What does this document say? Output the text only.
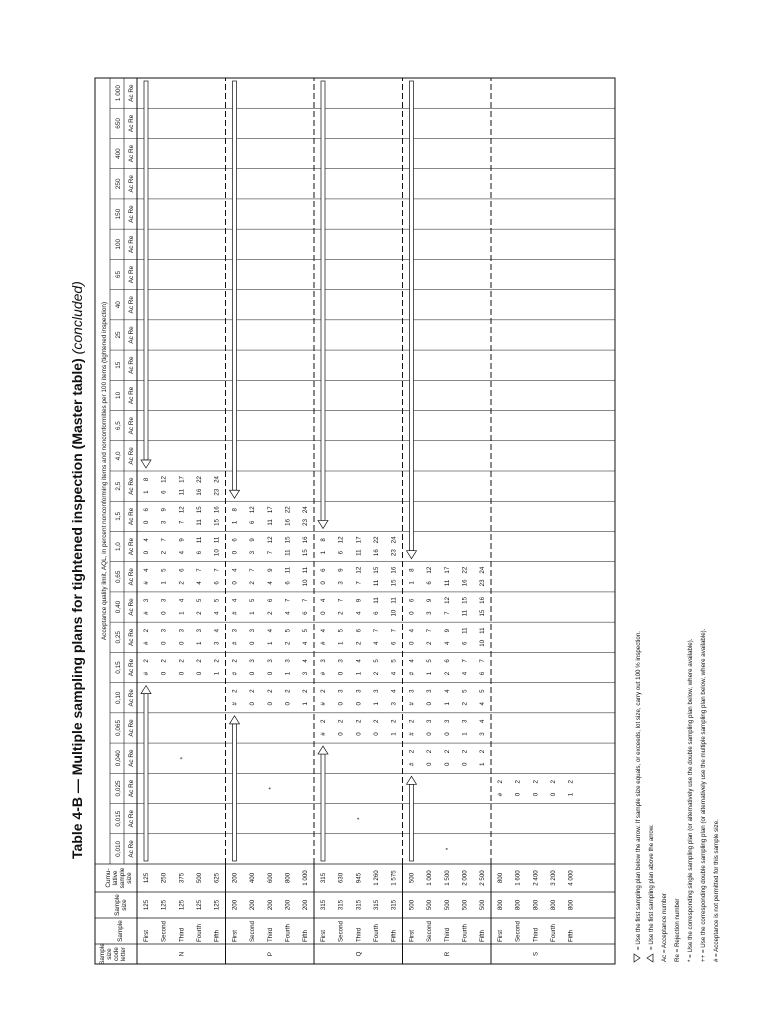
Table 4-B — Multiple sampling plans for tightened inspection (Master table)(concluded)
Sample size code letter
Sample
Sample size
Cumu- lative sample size
Acceptance quality limit, AQL, in percent nonconforming items and nonconformities per 100 items (tightened inspection)
0,010
0,015
0,025
0,040
0,065
0,10
0,15
0,25
0,40
0,65
1,0
1,5
2,5
4,0
6,5
10
15
25
40
65
100
150
250
400
650
1 000
Ac Re
Ac Re
Ac Re
Ac Re
Ac Re
Ac Re
Ac Re
Ac Re
Ac Re
Ac Re
Ac Re
Ac Re
Ac Re
Ac Re
Ac Re
Ac Re
Ac Re
Ac Re
Ac Re
Ac Re
Ac Re
Ac Re
Ac Re
Ac Re
Ac Re
Ac Re
N
First
125
125
Second
125
250
Third
125
375
Fourth
125
500
Fifth
125
625
#
2
0
2
0
2
0
2
1
2
#
2
0
3
0
3
1
3
3
4
#
3
0
3
1
4
2
5
4
5
#
4
1
5
2
6
4
7
6
7
0
4
2
7
4
9
6
11
10
11
0
6
3
9
7
12
11
15
15
16
1
8
6
12
11
17
16
22
23
24
*
P
First
200
200
Second
200
400
Third
200
600
Fourth
200
800
Fifth
200
1 000
#
2
0
2
0
2
0
2
1
2
#
2
0
3
0
3
1
3
3
4
#
3
0
3
1
4
2
5
4
5
#
4
1
5
2
6
4
7
6
7
0
4
2
7
4
9
6
11
10
11
0
6
3
9
7
12
11
15
15
16
1
8
6
12
11
17
16
22
23
24
*
Q
First
315
315
Second
315
630
Third
315
945
Fourth
315
1 260
Fifth
315
1 575
#
2
0
2
0
2
0
2
1
2
#
2
0
3
0
3
1
3
3
4
#
3
0
3
1
4
2
5
4
5
#
4
1
5
2
6
4
7
6
7
0
4
2
7
4
9
6
11
10
11
0
6
3
9
7
12
11
15
15
16
1
8
6
12
11
17
16
22
23
24
*
R
First
500
500
Second
500
1 000
Third
500
1 500
Fourth
500
2 000
Fifth
500
2 500
#
2
0
2
0
2
0
2
1
2
#
2
0
3
0
3
1
3
3
4
#
3
0
3
1
4
2
5
4
5
#
4
1
5
2
6
4
7
6
7
0
4
2
7
4
9
6
11
10
11
0
6
3
9
7
12
11
15
15
16
1
8
6
12
11
17
16
22
23
24
*
S
First
800
800
Second
800
1 600
Third
800
2 400
Fourth
800
3 200
Fifth
800
4 000
#
2
0
2
0
2
0
2
1
2	= Use the first sampling plan below the arrow. If sample size equals, or exceeds, lot size, carry out 100 % inspection. = Use the first sampling plan above the arrow. Ac = Acceptance number Re = Rejection number * = Use the corresponding single sampling plan (or alternatively use the double sampling plan below, where available). ++ = Use the corresponding double sampling plan (or alternatively use the multiple sampling plan below, where available). # = Acceptance is not permitted for this sample size.
